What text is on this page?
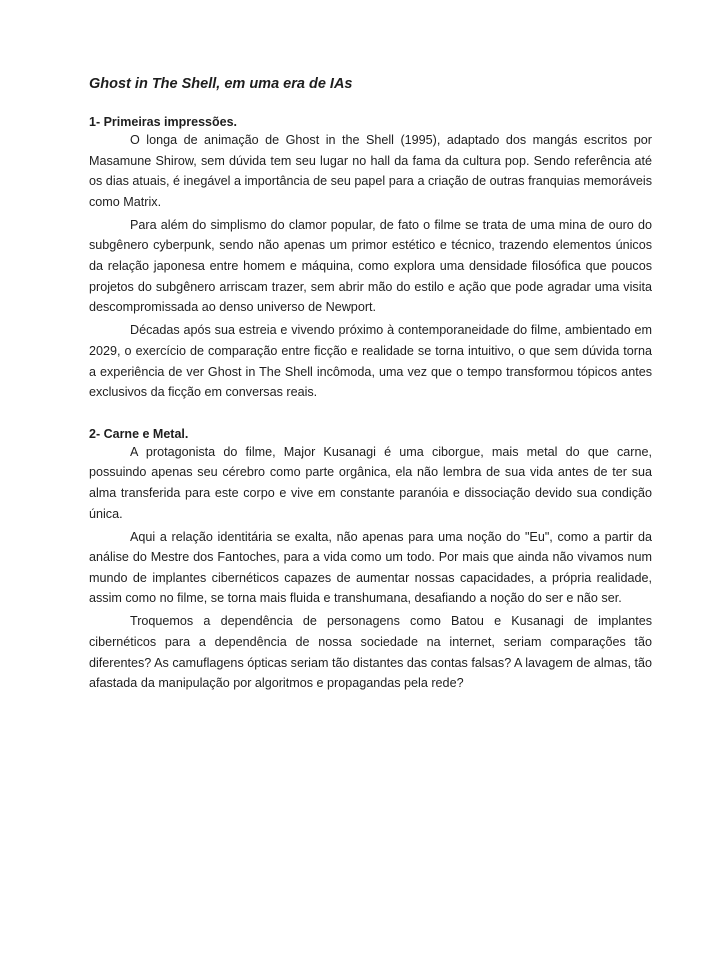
Ghost in The Shell, em uma era de IAs
1- Primeiras impressões.

O longa de animação de Ghost in the Shell (1995), adaptado dos mangás escritos por Masamune Shirow, sem dúvida tem seu lugar no hall da fama da cultura pop. Sendo referência até os dias atuais, é inegável a importância de seu papel para a criação de outras franquias memoráveis como Matrix.

Para além do simplismo do clamor popular, de fato o filme se trata de uma mina de ouro do subgênero cyberpunk, sendo não apenas um primor estético e técnico, trazendo elementos únicos da relação japonesa entre homem e máquina, como explora uma densidade filosófica que poucos projetos do subgênero arriscam trazer, sem abrir mão do estilo e ação que pode agradar uma visita descompromissada ao denso universo de Newport.

Décadas após sua estreia e vivendo próximo à contemporaneidade do filme, ambientado em 2029, o exercício de comparação entre ficção e realidade se torna intuitivo, o que sem dúvida torna a experiência de ver Ghost in The Shell incômoda, uma vez que o tempo transformou tópicos antes exclusivos da ficção em conversas reais.

2- Carne e Metal.

A protagonista do filme, Major Kusanagi é uma ciborgue, mais metal do que carne, possuindo apenas seu cérebro como parte orgânica, ela não lembra de sua vida antes de ter sua alma transferida para este corpo e vive em constante paranóia e dissociação devido sua condição única.

Aqui a relação identitária se exalta, não apenas para uma noção do "Eu", como a partir da análise do Mestre dos Fantoches, para a vida como um todo. Por mais que ainda não vivamos num mundo de implantes cibernéticos capazes de aumentar nossas capacidades, a própria realidade, assim como no filme, se torna mais fluida e transhumana, desafiando a noção do ser e não ser.

Troquemos a dependência de personagens como Batou e Kusanagi de implantes cibernéticos para a dependência de nossa sociedade na internet, seriam comparações tão diferentes? As camuflagens ópticas seriam tão distantes das contas falsas? A lavagem de almas, tão afastada da manipulação por algoritmos e propagandas pela rede?
